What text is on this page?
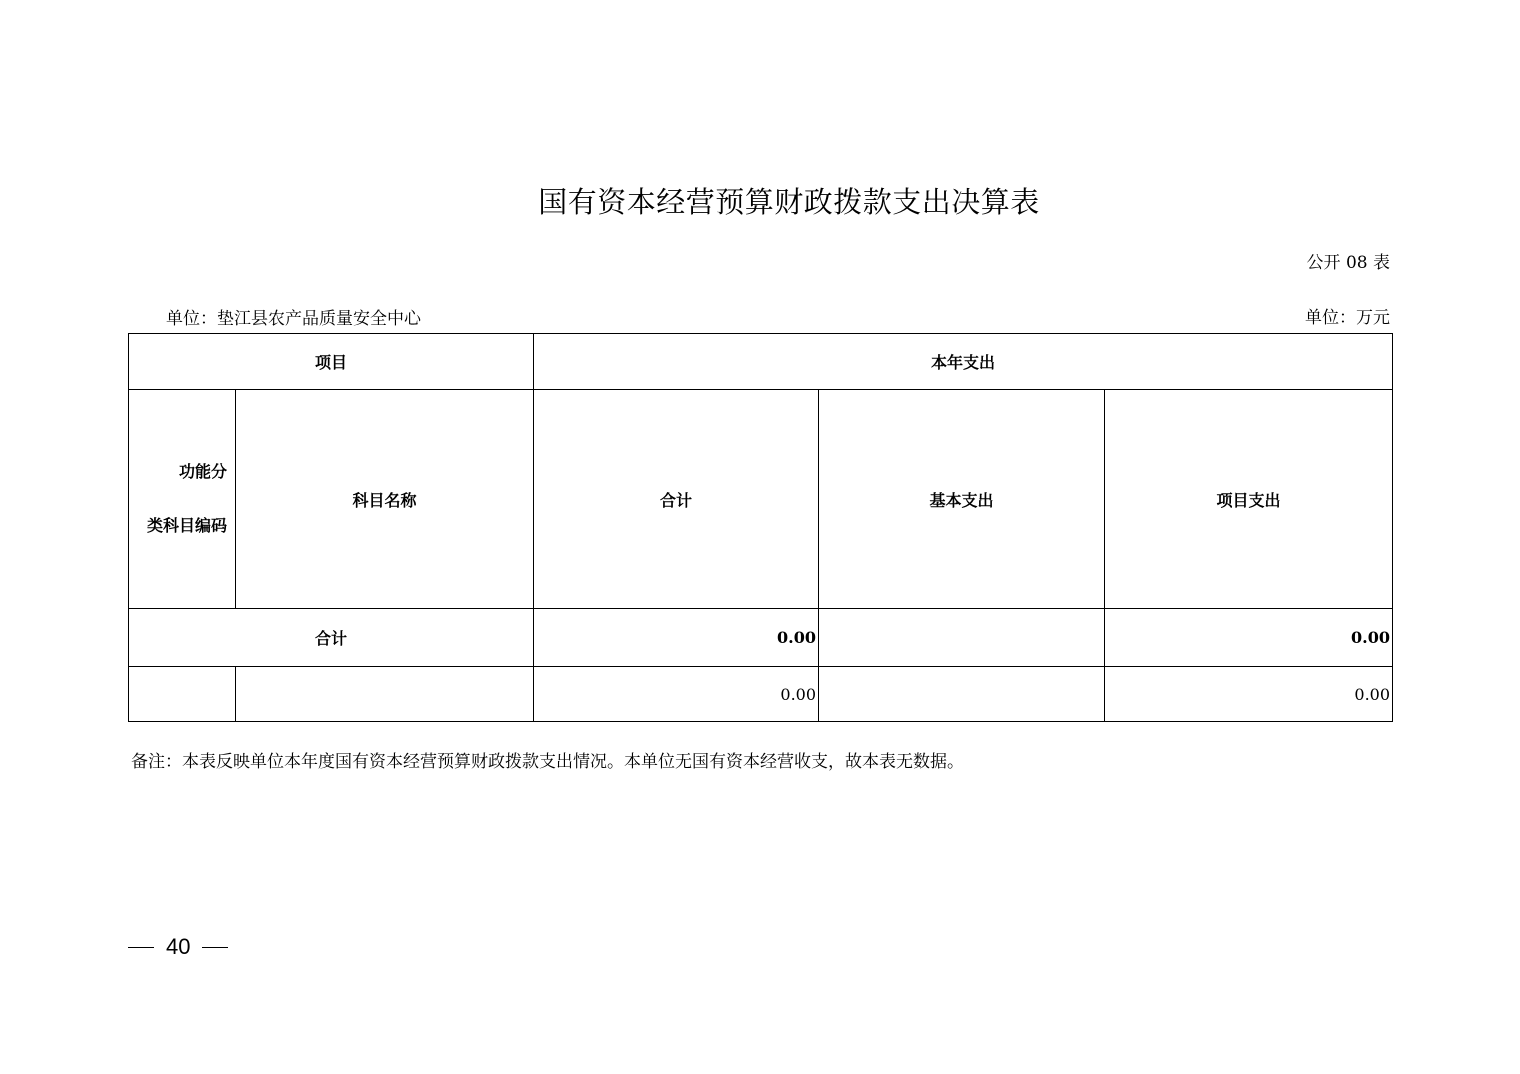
国有资本经营预算财政拨款支出决算表
公开 08 表
单位：垫江县农产品质量安全中心	单位：万元
项目		本年支出		

功能分
类科目编码	科目名称	合计	基本支出	项目支出
合计		0.00		0.00
		0.00		0.00
备注：本表反映单位本年度国有资本经营预算财政拨款支出情况。本单位无国有资本经营收支，故本表无数据。
40
